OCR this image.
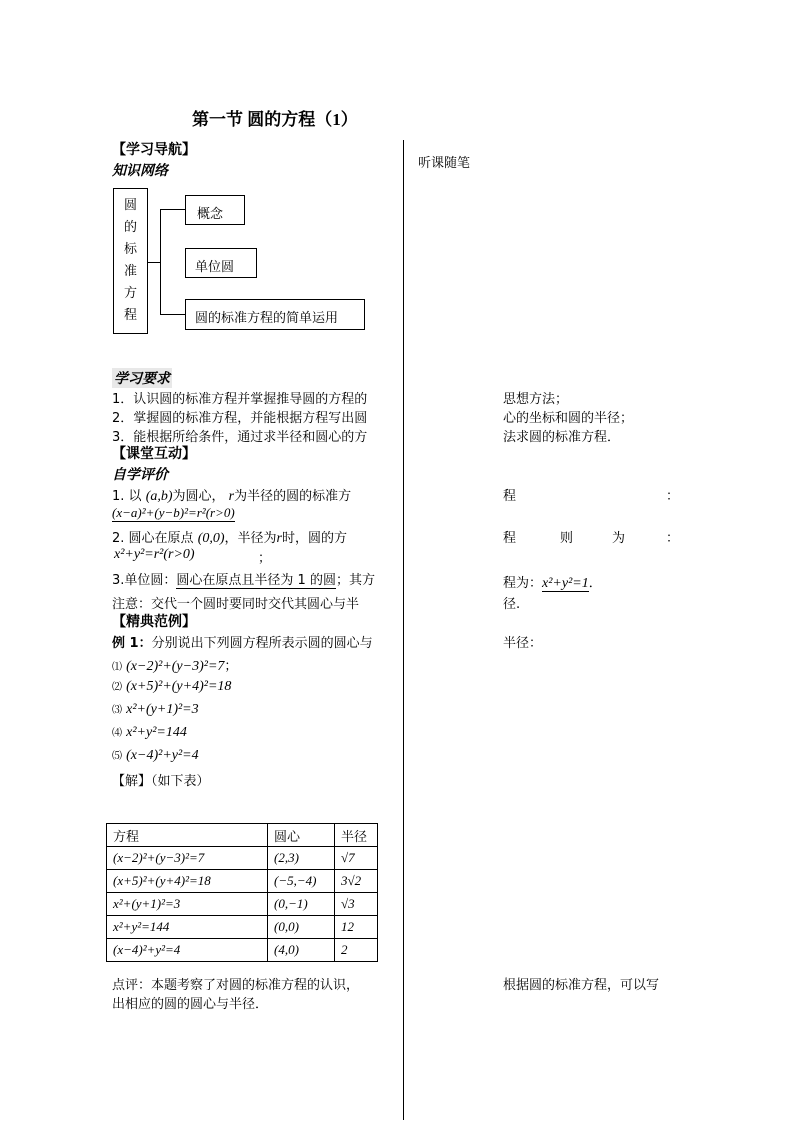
第一节 圆的方程（1）
听课随笔
【学习导航】
知识网络
圆
的
标
准
方
程
概念
单位圆
圆的标准方程的简单运用
学习要求
1．认识圆的标准方程并掌握推导圆的方程的	思想方法；
2．掌握圆的标准方程，并能根据方程写出圆	心的坐标和圆的半径；
3．能根据所给条件，通过求半径和圆心的方	法求圆的标准方程．
【课堂互动】
自学评价
1. 以 (a,b)为圆心， r为半径的圆的标准方	程	：
(x−a)²+(y−b)²=r²(r>0)
2. 圆心在原点 (0,0)，半径为r时，圆的方	程	则	为	：
x²+y²=r²(r>0)	；
3.单位圆：圆心在原点且半径为 1 的圆；其方	程为：x²+y²=1．
注意：交代一个圆时要同时交代其圆心与半	径.
【精典范例】
例 1：分别说出下列圆方程所表示圆的圆心与	半径：
⑴ (x−2)²+(y−3)²=7；
⑵ (x+5)²+(y+4)²=18
⑶ x²+(y+1)²=3
⑷ x²+y²=144
⑸ (x−4)²+y²=4
【解】（如下表）
方程	圆心	半径
(x−2)²+(y−3)²=7	(2,3)	√7
(x+5)²+(y+4)²=18	(−5,−4)	3√2
x²+(y+1)²=3	(0,−1)	√3
x²+y²=144	(0,0)	12
(x−4)²+y²=4	(4,0)	2
点评：本题考察了对圆的标准方程的认识，	根据圆的标准方程，可以写
出相应的圆的圆心与半径．
